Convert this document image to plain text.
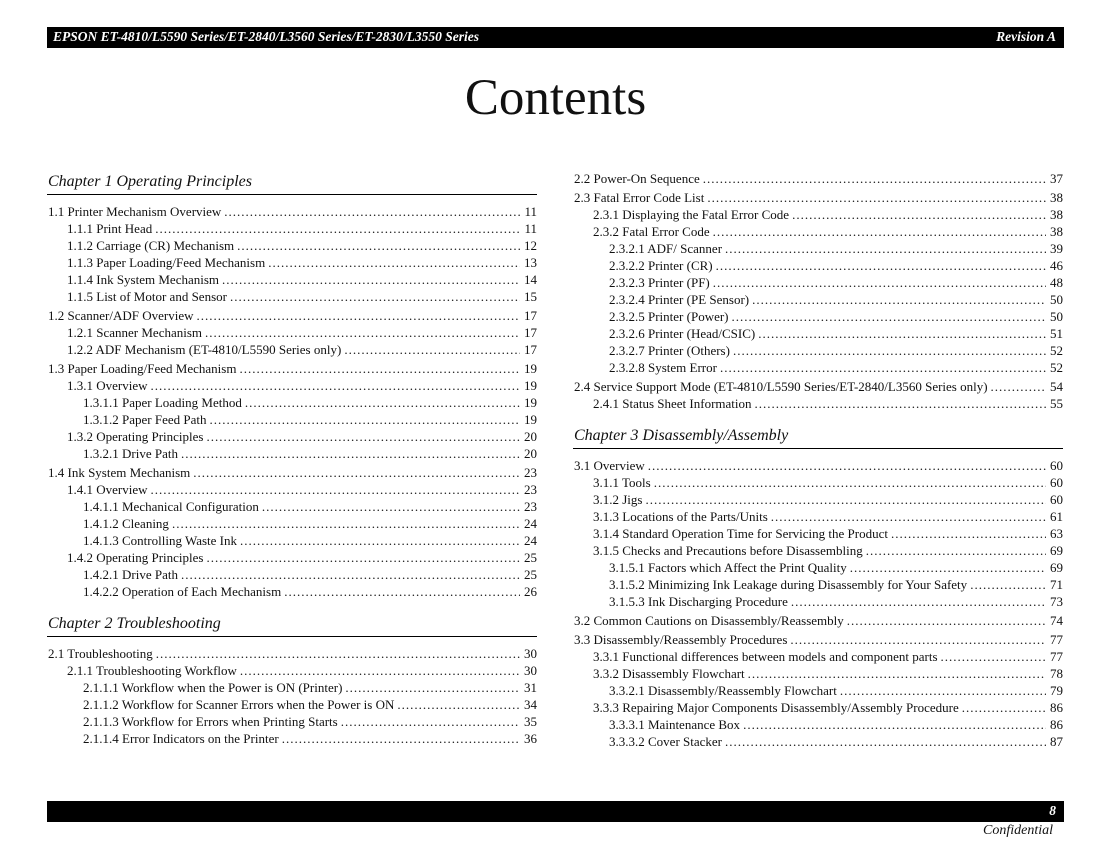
EPSON ET-4810/L5590 Series/ET-2840/L3560 Series/ET-2830/L3550 Series	Revision A
Contents
Chapter 1 Operating Principles
1.1 Printer Mechanism Overview .....	11
1.1.1 Print Head .....	11
1.1.2 Carriage (CR) Mechanism .....	12
1.1.3 Paper Loading/Feed Mechanism .....	13
1.1.4 Ink System Mechanism .....	14
1.1.5 List of Motor and Sensor .....	15
1.2 Scanner/ADF Overview .....	17
1.2.1 Scanner Mechanism .....	17
1.2.2 ADF Mechanism (ET-4810/L5590 Series only) .....	17
1.3 Paper Loading/Feed Mechanism .....	19
1.3.1 Overview .....	19
1.3.1.1 Paper Loading Method .....	19
1.3.1.2 Paper Feed Path .....	19
1.3.2 Operating Principles .....	20
1.3.2.1 Drive Path .....	20
1.4 Ink System Mechanism .....	23
1.4.1 Overview .....	23
1.4.1.1 Mechanical Configuration .....	23
1.4.1.2 Cleaning .....	24
1.4.1.3 Controlling Waste Ink .....	24
1.4.2 Operating Principles .....	25
1.4.2.1 Drive Path .....	25
1.4.2.2 Operation of Each Mechanism .....	26
Chapter 2 Troubleshooting
2.1 Troubleshooting .....	30
2.1.1 Troubleshooting Workflow .....	30
2.1.1.1 Workflow when the Power is ON (Printer) .....	31
2.1.1.2 Workflow for Scanner Errors when the Power is ON .....	34
2.1.1.3 Workflow for Errors when Printing Starts .....	35
2.1.1.4 Error Indicators on the Printer .....	36
2.2 Power-On Sequence .....	37
2.3 Fatal Error Code List .....	38
2.3.1 Displaying the Fatal Error Code .....	38
2.3.2 Fatal Error Code .....	38
2.3.2.1 ADF/ Scanner .....	39
2.3.2.2 Printer (CR) .....	46
2.3.2.3 Printer (PF) .....	48
2.3.2.4 Printer (PE Sensor) .....	50
2.3.2.5 Printer (Power) .....	50
2.3.2.6 Printer (Head/CSIC) .....	51
2.3.2.7 Printer (Others) .....	52
2.3.2.8 System Error .....	52
2.4 Service Support Mode (ET-4810/L5590 Series/ET-2840/L3560 Series only) .....	54
2.4.1 Status Sheet Information .....	55
Chapter 3 Disassembly/Assembly
3.1 Overview .....	60
3.1.1 Tools .....	60
3.1.2 Jigs .....	60
3.1.3 Locations of the Parts/Units .....	61
3.1.4 Standard Operation Time for Servicing the Product .....	63
3.1.5 Checks and Precautions before Disassembling .....	69
3.1.5.1 Factors which Affect the Print Quality .....	69
3.1.5.2 Minimizing Ink Leakage during Disassembly for Your Safety .....	71
3.1.5.3 Ink Discharging Procedure .....	73
3.2 Common Cautions on Disassembly/Reassembly .....	74
3.3 Disassembly/Reassembly Procedures .....	77
3.3.1 Functional differences between models and component parts .....	77
3.3.2 Disassembly Flowchart .....	78
3.3.2.1 Disassembly/Reassembly Flowchart .....	79
3.3.3 Repairing Major Components Disassembly/Assembly Procedure .....	86
3.3.3.1 Maintenance Box .....	86
3.3.3.2 Cover Stacker .....	87
8
Confidential
